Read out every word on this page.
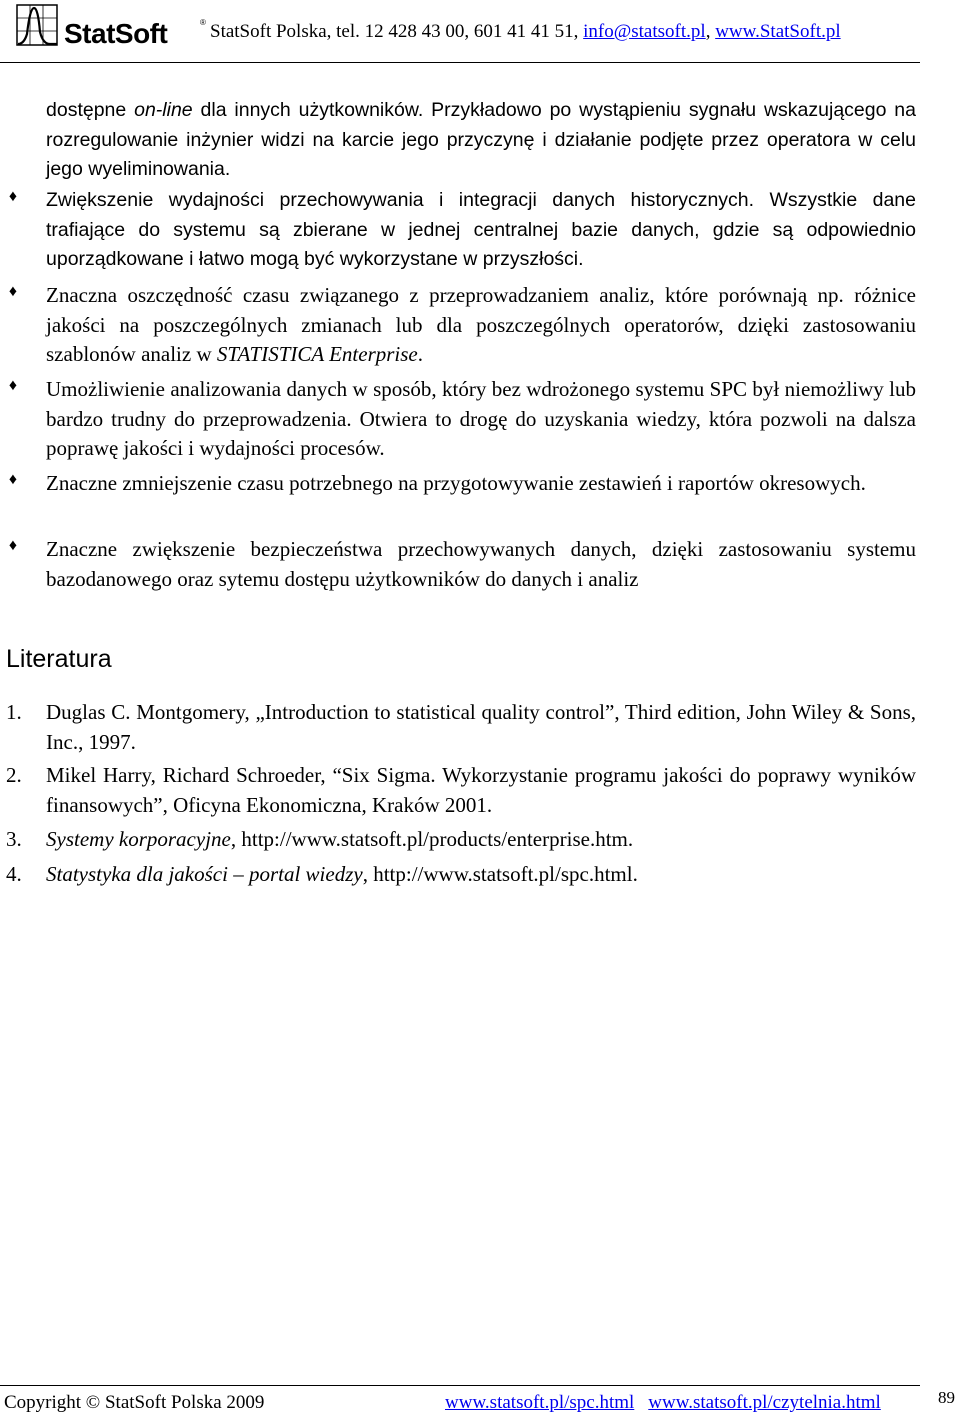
StatSoft	® StatSoft Polska, tel. 12 428 43 00, 601 41 41 51, info@statsoft.pl, www.StatSoft.pl
dostępne on-line dla innych użytkowników. Przykładowo po wystąpieniu sygnału wskazującego na rozregulowanie inżynier widzi na karcie jego przyczynę i działanie podjęte przez operatora w celu jego wyeliminowania.
♦ Zwiększenie wydajności przechowywania i integracji danych historycznych. Wszystkie dane trafiające do systemu są zbierane w jednej centralnej bazie danych, gdzie są odpowiednio uporządkowane i łatwo mogą być wykorzystane w przyszłości.
♦ Znaczna oszczędność czasu związanego z przeprowadzaniem analiz, które porównają np. różnice jakości na poszczególnych zmianach lub dla poszczególnych operatorów, dzięki zastosowaniu szablonów analiz w STATISTICA Enterprise.
♦ Umożliwienie analizowania danych w sposób, który bez wdrożonego systemu SPC był niemożliwy lub bardzo trudny do przeprowadzenia. Otwiera to drogę do uzyskania wiedzy, która pozwoli na dalsza poprawę jakości i wydajności procesów.
♦ Znaczne zmniejszenie czasu potrzebnego na przygotowywanie zestawień i raportów okresowych.
♦ Znaczne zwiększenie bezpieczeństwa przechowywanych danych, dzięki zastosowaniu systemu bazodanowego oraz sytemu dostępu użytkowników do danych i analiz
Literatura
1. Duglas C. Montgomery, „Introduction to statistical quality control”, Third edition, John Wiley & Sons, Inc., 1997.
2. Mikel Harry, Richard Schroeder, “Six Sigma. Wykorzystanie programu jakości do poprawy wyników finansowych”, Oficyna Ekonomiczna, Kraków 2001.
3. Systemy korporacyjne, http://www.statsoft.pl/products/enterprise.htm.
4. Statystyka dla jakości – portal wiedzy, http://www.statsoft.pl/spc.html.
Copyright © StatSoft Polska 2009	www.statsoft.pl/spc.html www.statsoft.pl/czytelnia.html	89
